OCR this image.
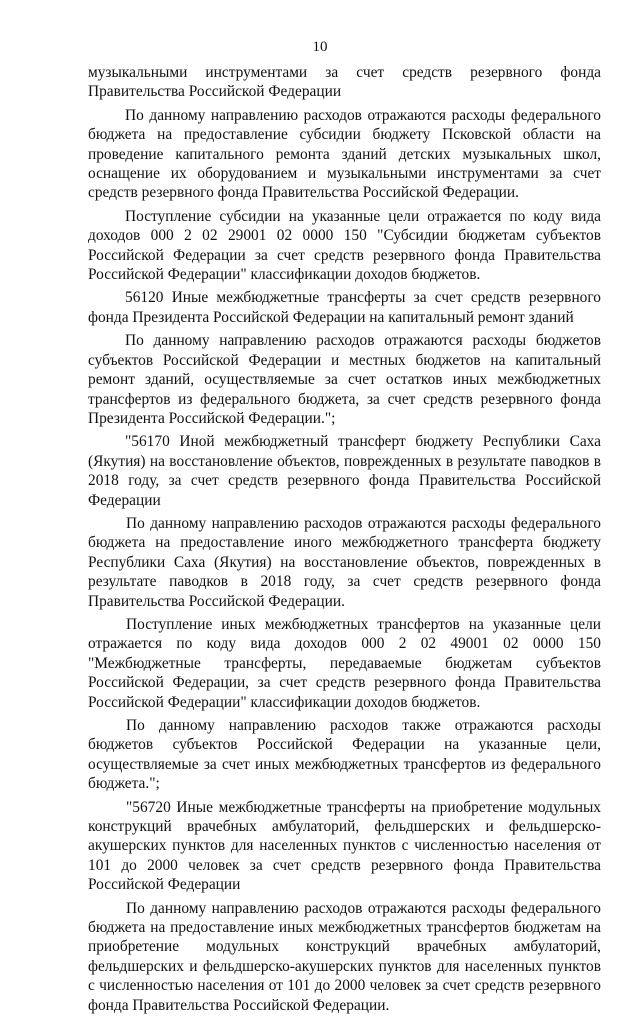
10

музыкальными инструментами за счет средств резервного фонда Правительства Российской Федерации

По данному направлению расходов отражаются расходы федерального бюджета на предоставление субсидии бюджету Псковской области на проведение капитального ремонта зданий детских музыкальных школ, оснащение их оборудованием и музыкальными инструментами за счет средств резервного фонда Правительства Российской Федерации.

Поступление субсидии на указанные цели отражается по коду вида доходов 000 2 02 29001 02 0000 150 "Субсидии бюджетам субъектов Российской Федерации за счет средств резервного фонда Правительства Российской Федерации" классификации доходов бюджетов.

56120 Иные межбюджетные трансферты за счет средств резервного фонда Президента Российской Федерации на капитальный ремонт зданий

По данному направлению расходов отражаются расходы бюджетов субъектов Российской Федерации и местных бюджетов на капитальный ремонт зданий, осуществляемые за счет остатков иных межбюджетных трансфертов из федерального бюджета, за счет средств резервного фонда Президента Российской Федерации.";

"56170 Иной межбюджетный трансферт бюджету Республики Саха (Якутия) на восстановление объектов, поврежденных в результате паводков в 2018 году, за счет средств резервного фонда Правительства Российской Федерации

По данному направлению расходов отражаются расходы федерального бюджета на предоставление иного межбюджетного трансферта бюджету Республики Саха (Якутия) на восстановление объектов, поврежденных в результате паводков в 2018 году, за счет средств резервного фонда Правительства Российской Федерации.

Поступление иных межбюджетных трансфертов на указанные цели отражается по коду вида доходов 000 2 02 49001 02 0000 150 "Межбюджетные трансферты, передаваемые бюджетам субъектов Российской Федерации, за счет средств резервного фонда Правительства Российской Федерации" классификации доходов бюджетов.

По данному направлению расходов также отражаются расходы бюджетов субъектов Российской Федерации на указанные цели, осуществляемые за счет иных межбюджетных трансфертов из федерального бюджета.";

"56720 Иные межбюджетные трансферты на приобретение модульных конструкций врачебных амбулаторий, фельдшерских и фельдшерско-акушерских пунктов для населенных пунктов с численностью населения от 101 до 2000 человек за счет средств резервного фонда Правительства Российской Федерации

По данному направлению расходов отражаются расходы федерального бюджета на предоставление иных межбюджетных трансфертов бюджетам на приобретение модульных конструкций врачебных амбулаторий, фельдшерских и фельдшерско-акушерских пунктов для населенных пунктов с численностью населения от 101 до 2000 человек за счет средств резервного фонда Правительства Российской Федерации.
